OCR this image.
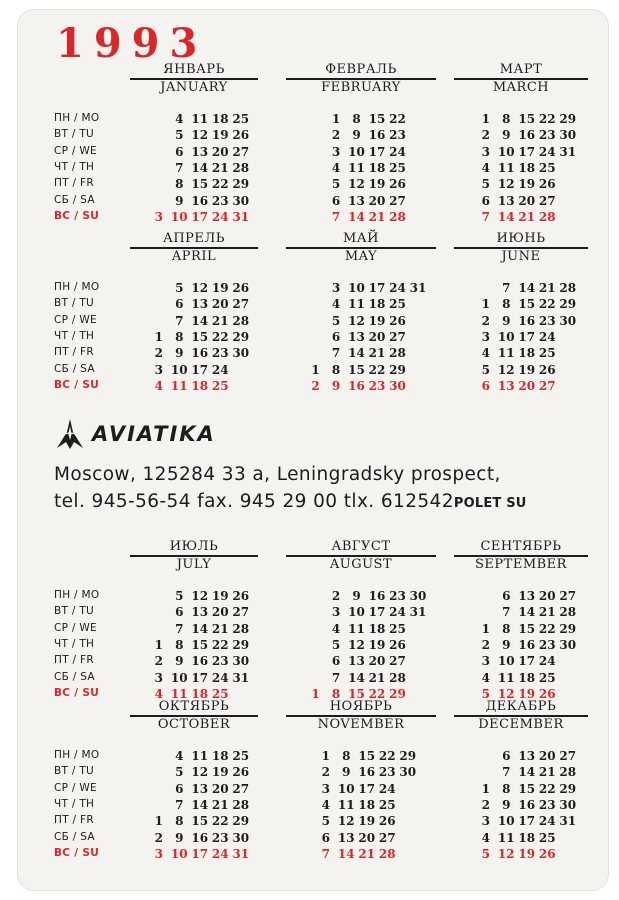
1993
AVIATIKA
Moscow, 125284 33 a, Leningradsky prospect,
tel. 945-56-54 fax. 945 29 00 tlx. 612542POLET SU
ПН / MO
ВТ / TU
СР / WE
ЧТ / TH
ПТ / FR
СБ / SA
ВС / SU
ЯНВАРЬ
JANUARY
3
4
5
6
7
8
9
10
11
12
13
14
15
16
17
18
19
20
21
22
23
24
25
26
27
28
29
30
31
ФЕВРАЛЬ
FEBRUARY
1
2
3
4
5
6
7
8
9
10
11
12
13
14
15
16
17
18
19
20
21
22
23
24
25
26
27
28
МАРТ
MARCH
1
2
3
4
5
6
7
8
9
10
11
12
13
14
15
16
17
18
19
20
21
22
23
24
25
26
27
28
29
30
31
ПН / MO
ВТ / TU
СР / WE
ЧТ / TH
ПТ / FR
СБ / SA
ВС / SU
АПРЕЛЬ
APRIL
1
2
3
4
5
6
7
8
9
10
11
12
13
14
15
16
17
18
19
20
21
22
23
24
25
26
27
28
29
30
МАЙ
MAY
1
2
3
4
5
6
7
8
9
10
11
12
13
14
15
16
17
18
19
20
21
22
23
24
25
26
27
28
29
30
31
ИЮНЬ
JUNE
1
2
3
4
5
6
7
8
9
10
11
12
13
14
15
16
17
18
19
20
21
22
23
24
25
26
27
28
29
30
ПН / MO
ВТ / TU
СР / WE
ЧТ / TH
ПТ / FR
СБ / SA
ВС / SU
ИЮЛЬ
JULY
1
2
3
4
5
6
7
8
9
10
11
12
13
14
15
16
17
18
19
20
21
22
23
24
25
26
27
28
29
30
31
АВГУСТ
AUGUST
1
2
3
4
5
6
7
8
9
10
11
12
13
14
15
16
17
18
19
20
21
22
23
24
25
26
27
28
29
30
31
СЕНТЯБРЬ
SEPTEMBER
1
2
3
4
5
6
7
8
9
10
11
12
13
14
15
16
17
18
19
20
21
22
23
24
25
26
27
28
29
30
ПН / MO
ВТ / TU
СР / WE
ЧТ / TH
ПТ / FR
СБ / SA
ВС / SU
ОКТЯБРЬ
OCTOBER
1
2
3
4
5
6
7
8
9
10
11
12
13
14
15
16
17
18
19
20
21
22
23
24
25
26
27
28
29
30
31
НОЯБРЬ
NOVEMBER
1
2
3
4
5
6
7
8
9
10
11
12
13
14
15
16
17
18
19
20
21
22
23
24
25
26
27
28
29
30
ДЕКАБРЬ
DECEMBER
1
2
3
4
5
6
7
8
9
10
11
12
13
14
15
16
17
18
19
20
21
22
23
24
25
26
27
28
29
30
31
